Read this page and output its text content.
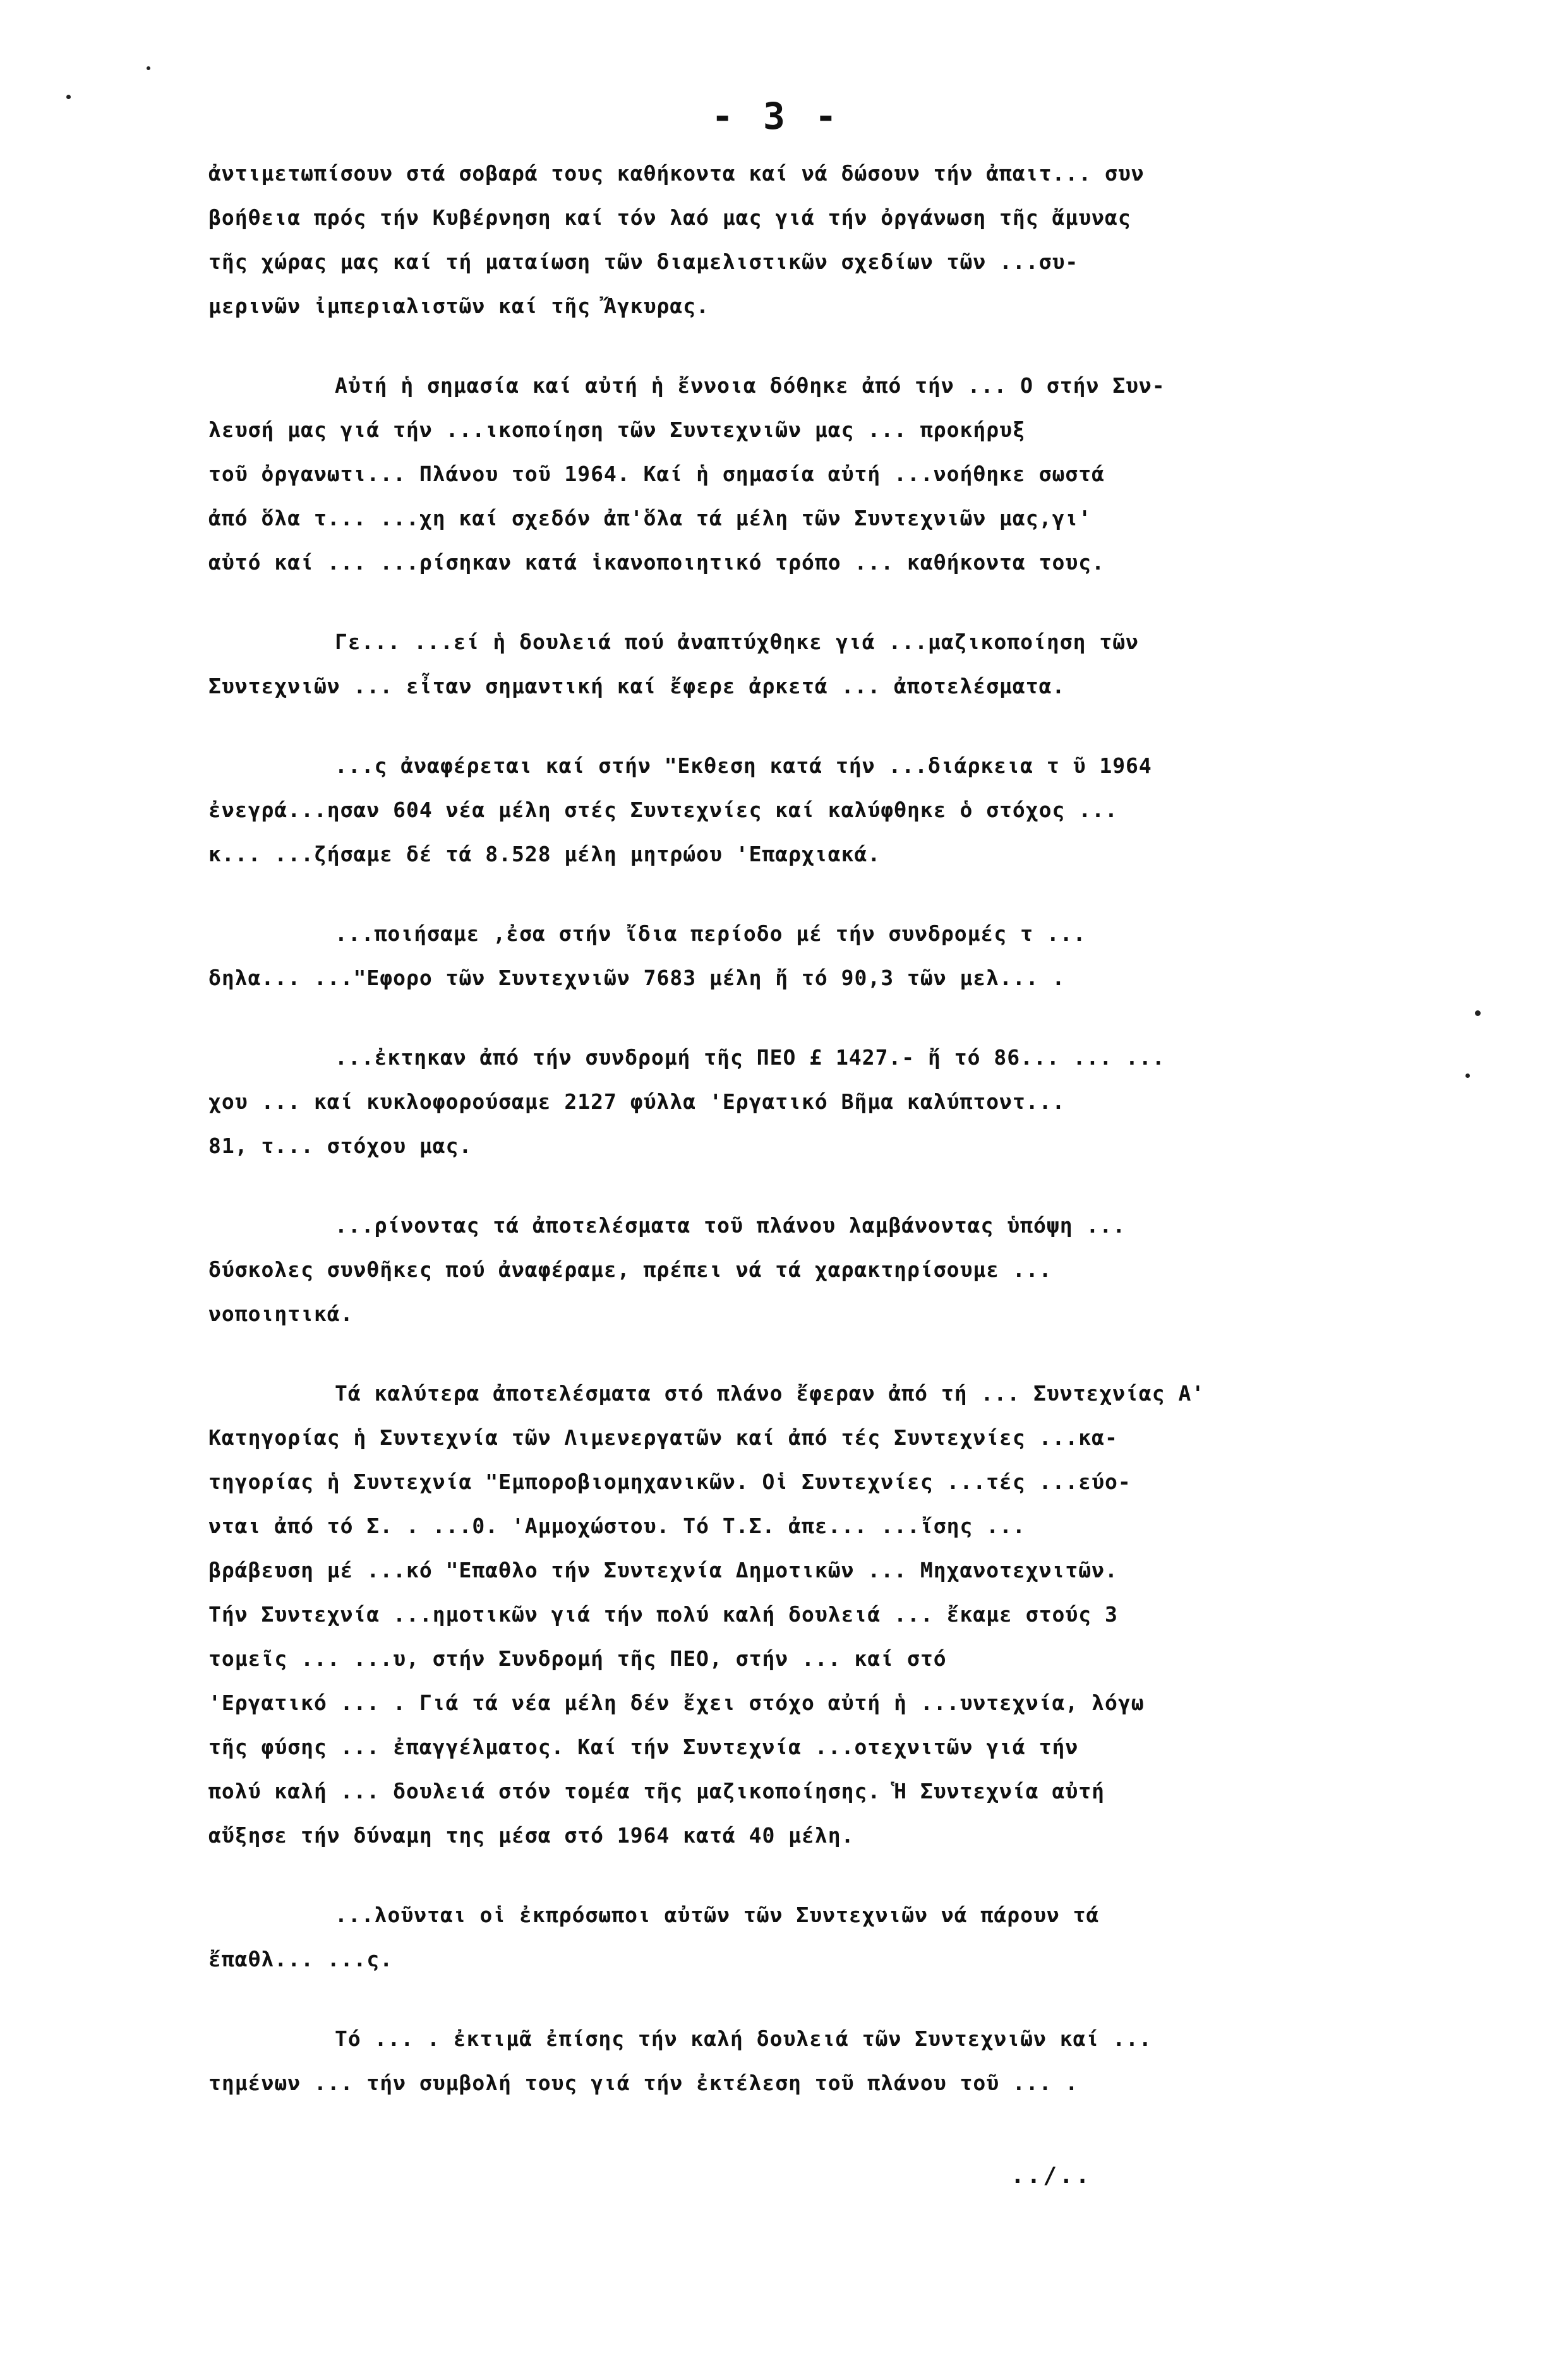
- 3 -
ἀντιμετωπίσουν στά σοβαρά τους καθήκοντα καί νά δώσουν τήν ἀπαιτ... συν
βοήθεια πρός τήν Κυβέρνηση καί τόν λαό μας γιά τήν ὀργάνωση τῆς ἄμυνας
τῆς χώρας μας καί τή ματαίωση τῶν διαμελιστικῶν σχεδίων τῶν ...συ-
μερινῶν ἰμπεριαλιστῶν καί τῆς Ἄγκυρας.
Αὐτή ἡ σημασία καί αὐτή ἡ ἔννοια δόθηκε ἀπό τήν ... Ο στήν Συν-
λευσή μας γιά τήν ...ικοποίηση τῶν Συντεχνιῶν μας ... προκήρυξ
τοῦ ὀργανωτι... Πλάνου τοῦ 1964. Καί ἡ σημασία αὐτή ...νοήθηκε σωστά
ἀπό ὅλα τ... ...χη καί σχεδόν ἀπ'ὅλα τά μέλη τῶν Συντεχνιῶν μας,γι'
αὐτό καί ... ...ρίσηκαν κατά ἱκανοποιητικό τρόπο ... καθήκοντα τους.
Γε... ...εί ἡ δουλειά πού ἀναπτύχθηκε γιά ...μαζικοποίηση τῶν
Συντεχνιῶν ... εἶταν σημαντική καί ἔφερε ἀρκετά ... ἀποτελέσματα.
...ς ἀναφέρεται καί στήν "Εκθεση κατά τήν ...διάρκεια τ ῦ 1964
ἐνεγρά...ησαν 604 νέα μέλη στές Συντεχνίες καί καλύφθηκε ὁ στόχος ...
κ... ...ζήσαμε δέ τά 8.528 μέλη μητρώου 'Επαρχιακά.
...ποιήσαμε ,ἐσα στήν ἴδια περίοδο μέ τήν συνδρομές τ ...
δηλα... ..."Εφορο τῶν Συντεχνιῶν 7683 μέλη ἤ τό 90,3 τῶν μελ... .
...ἐκτηκαν ἀπό τήν συνδρομή τῆς ΠΕΟ £ 1427.- ἤ τό 86... ... ...
χου ... καί κυκλοφορούσαμε 2127 φύλλα 'Εργατικό Βῆμα καλύπτοντ...
81, τ... στόχου μας.
...ρίνοντας τά ἀποτελέσματα τοῦ πλάνου λαμβάνοντας ὑπόψη ...
δύσκολες συνθῆκες πού ἀναφέραμε, πρέπει νά τά χαρακτηρίσουμε ...
νοποιητικά.
Τά καλύτερα ἀποτελέσματα στό πλάνο ἔφεραν ἀπό τή ... Συντεχνίας Α'
Κατηγορίας ἡ Συντεχνία τῶν Λιμενεργατῶν καί ἀπό τές Συντεχνίες ...κα-
τηγορίας ἡ Συντεχνία "Εμποροβιομηχανικῶν. Οἱ Συντεχνίες ...τές ...εύο-
νται ἀπό τό Σ. . ...0. 'Αμμοχώστου. Τό Τ.Σ. ἀπε... ...ἴσης ...
βράβευση μέ ...κό "Επαθλο τήν Συντεχνία Δημοτικῶν ... Μηχανοτεχνιτῶν.
Τήν Συντεχνία ...ημοτικῶν γιά τήν πολύ καλή δουλειά ... ἔκαμε στούς 3
τομεῖς ... ...υ, στήν Συνδρομή τῆς ΠΕΟ, στήν ... καί στό
'Εργατικό ... . Γιά τά νέα μέλη δέν ἔχει στόχο αὐτή ἡ ...υντεχνία, λόγω
τῆς φύσης ... ἐπαγγέλματος. Καί τήν Συντεχνία ...οτεχνιτῶν γιά τήν
πολύ καλή ... δουλειά στόν τομέα τῆς μαζικοποίησης. Ἡ Συντεχνία αὐτή
αὔξησε τήν δύναμη της μέσα στό 1964 κατά 40 μέλη.
...λοῦνται οἱ ἐκπρόσωποι αὐτῶν τῶν Συντεχνιῶν νά πάρουν τά
ἔπαθλ... ...ς.
Τό ... . ἐκτιμᾶ ἐπίσης τήν καλή δουλειά τῶν Συντεχνιῶν καί ...
τημένων ... τήν συμβολή τους γιά τήν ἐκτέλεση τοῦ πλάνου τοῦ ... .
../..
